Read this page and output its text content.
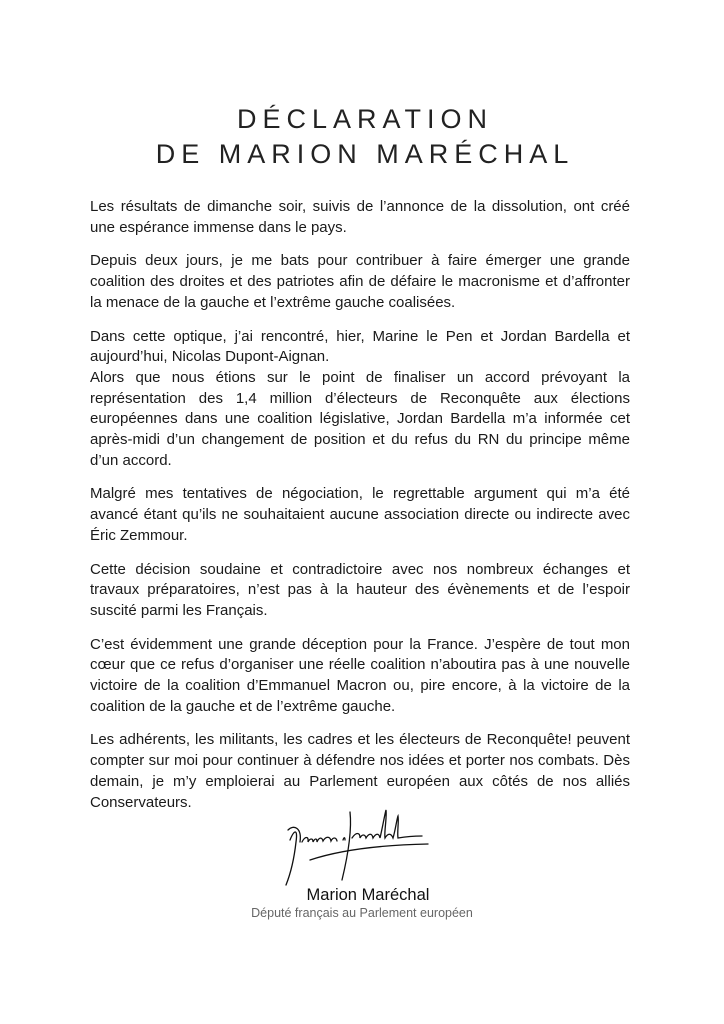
DÉCLARATION
DE MARION MARÉCHAL

Les résultats de dimanche soir, suivis de l’annonce de la dissolution, ont créé une espérance immense dans le pays.

Depuis deux jours, je me bats pour contribuer à faire émerger une grande coalition des droites et des patriotes afin de défaire le macronisme et d’affronter la menace de la gauche et l’extrême gauche coalisées.

Dans cette optique, j’ai rencontré, hier, Marine le Pen et Jordan Bardella et aujourd’hui, Nicolas Dupont-Aignan.

Alors que nous étions sur le point de finaliser un accord prévoyant la représentation des 1,4 million d’électeurs de Reconquête aux élections européennes dans une coalition législative, Jordan Bardella m’a informée cet après-midi d’un changement de position et du refus du RN du principe même d’un accord.

Malgré mes tentatives de négociation, le regrettable argument qui m’a été avancé étant qu’ils ne souhaitaient aucune association directe ou indirecte avec Éric Zemmour.

Cette décision soudaine et contradictoire avec nos nombreux échanges et travaux préparatoires, n’est pas à la hauteur des évènements et de l’espoir suscité parmi les Français.

C’est évidemment une grande déception pour la France. J’espère de tout mon cœur que ce refus d’organiser une réelle coalition n’aboutira pas à une nouvelle victoire de la coalition d’Emmanuel Macron ou, pire encore, à la victoire de la coalition de la gauche et de l’extrême gauche.

Les adhérents, les militants, les cadres et les électeurs de Reconquête! peuvent compter sur moi pour continuer à défendre nos idées et porter nos combats. Dès demain, je m’y emploierai au Parlement européen aux côtés de nos alliés Conservateurs.

Marion Maréchal
Député français au Parlement européen
